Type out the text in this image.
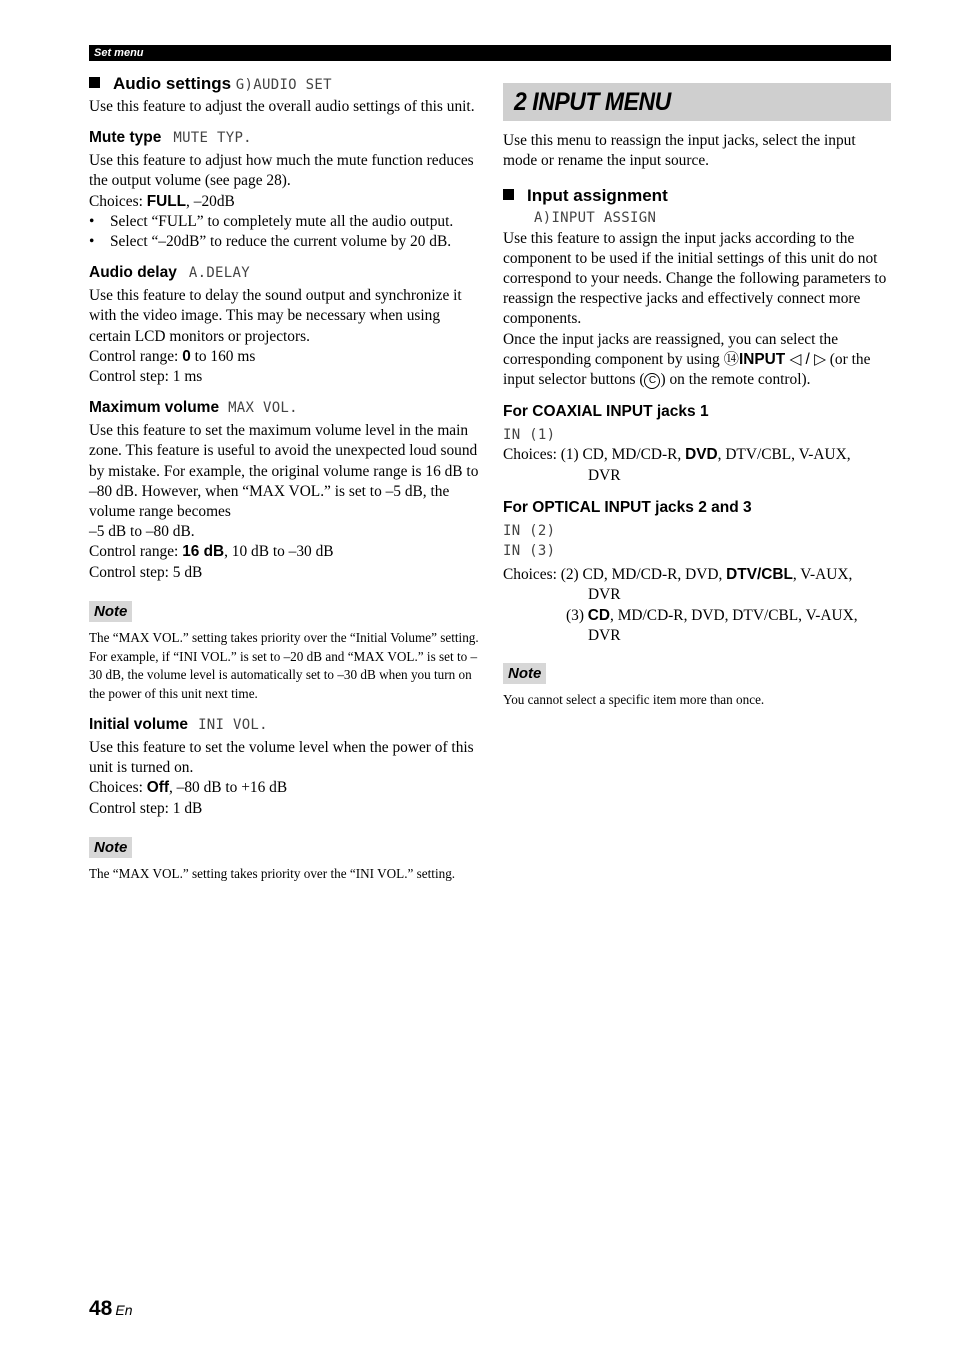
Set menu
Audio settings G)AUDIO SET

Use this feature to adjust the overall audio settings of this unit.

Mute type MUTE TYP.

Use this feature to adjust how much the mute function reduces the output volume (see page 28).

Choices: FULL, –20dB

• Select “FULL” to completely mute all the audio output.
• Select “–20dB” to reduce the current volume by 20 dB.
Audio delay A.DELAY

Use this feature to delay the sound output and synchronize it with the video image. This may be necessary when using certain LCD monitors or projectors.

Control range: 0 to 160 ms

Control step: 1 ms

Maximum volume MAX VOL.

Use this feature to set the maximum volume level in the main zone. This feature is useful to avoid the unexpected loud sound by mistake. For example, the original volume range is 16 dB to –80 dB. However, when “MAX VOL.” is set to –5 dB, the volume range becomes

–5 dB to –80 dB.

Control range: 16 dB, 10 dB to –30 dB

Control step: 5 dB

Note

The “MAX VOL.” setting takes priority over the “Initial Volume” setting. For example, if “INI VOL.” is set to –20 dB and “MAX VOL.” is set to –30 dB, the volume level is automatically set to –30 dB when you turn on the power of this unit next time.

Initial volume INI VOL.

Use this feature to set the volume level when the power of this unit is turned on.

Choices: Off, –80 dB to +16 dB

Control step: 1 dB

Note

The “MAX VOL.” setting takes priority over the “INI VOL.” setting.

2 INPUT MENU

Use this menu to reassign the input jacks, select the input mode or rename the input source.

Input assignment

A)INPUT ASSIGN

Use this feature to assign the input jacks according to the component to be used if the initial settings of this unit do not correspond to your needs. Change the following parameters to reassign the respective jacks and effectively connect more components.

Once the input jacks are reassigned, you can select the corresponding component by using ⑭INPUT ◁ / ▷ (or the input selector buttons ( C ) on the remote control).

For COAXIAL INPUT jacks 1

IN (1)

Choices: (1) CD, MD/CD-R, DVD, DTV/CBL, V-AUX,

DVR

For OPTICAL INPUT jacks 2 and 3

IN (2)

IN (3)

Choices: (2) CD, MD/CD-R, DVD, DTV/CBL, V-AUX,

DVR

(3) CD, MD/CD-R, DVD, DTV/CBL, V-AUX,

DVR

Note

You cannot select a specific item more than once.

48 En
